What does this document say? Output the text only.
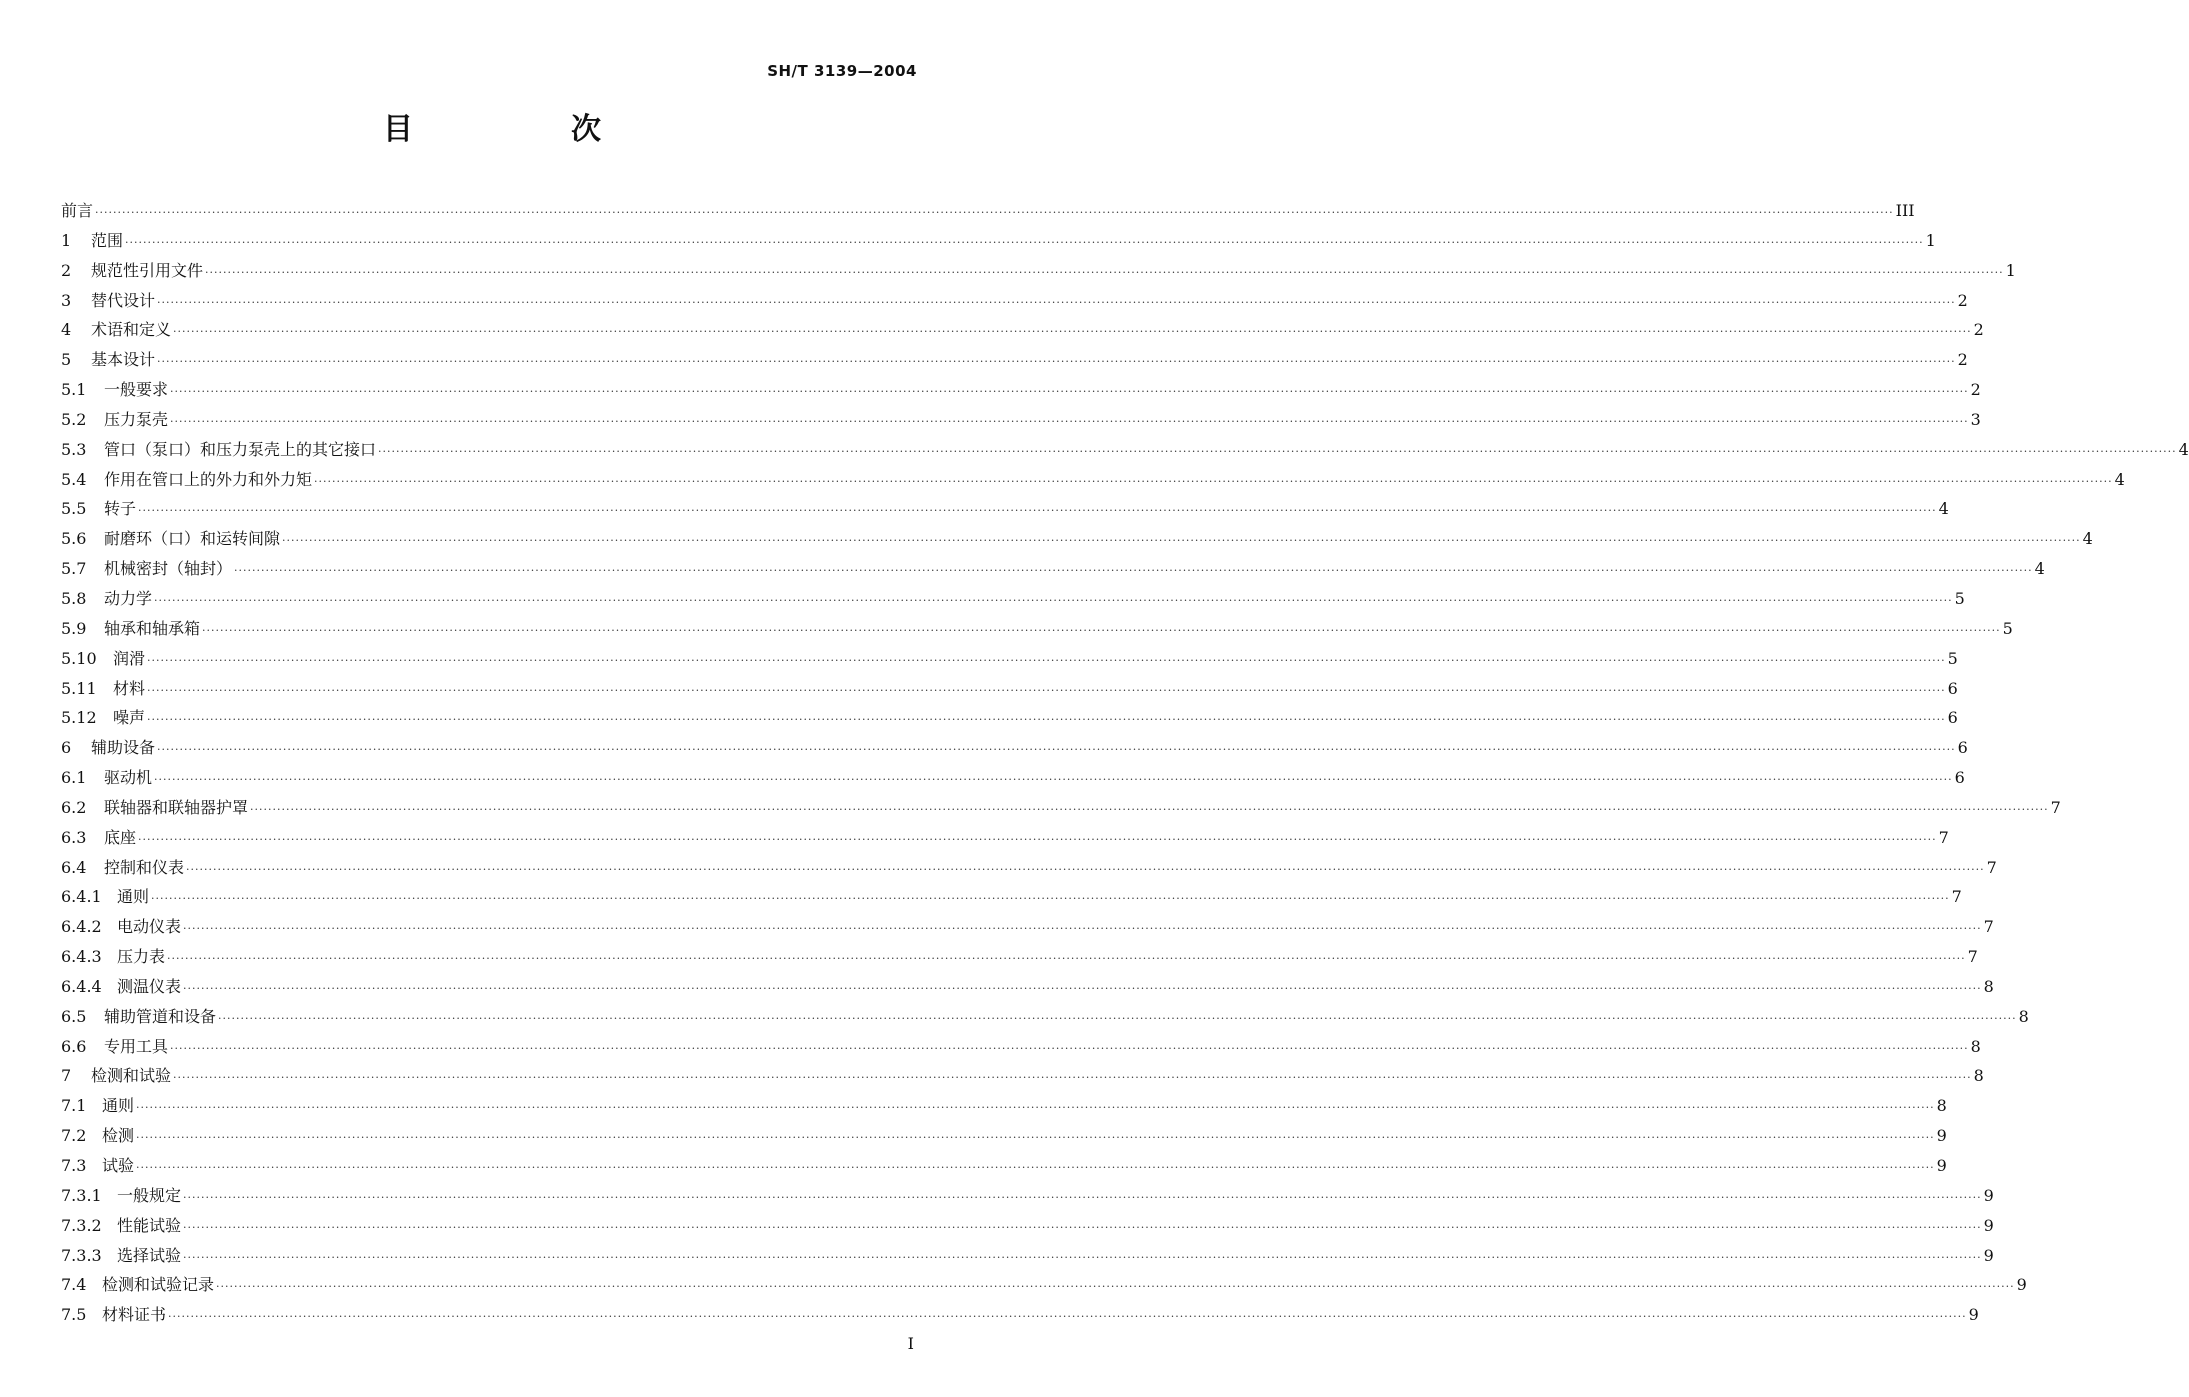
SH/T 3139—2004
目	次
前言 ················································································································································································································································································································································································································ III
1 范围 ················································································································································································································································································································································································································ 1
2 规范性引用文件 ················································································································································································································································································································································································································ 1
3 替代设计 ················································································································································································································································································································································································································ 2
4 术语和定义 ················································································································································································································································································································································································································ 2
5 基本设计 ················································································································································································································································································································································································································ 2
5.1 一般要求 ················································································································································································································································································································································································································ 2
5.2 压力泵壳 ················································································································································································································································································································································································································ 3
5.3 管口（泵口）和压力泵壳上的其它接口 ················································································································································································································································································································································································································ 4
5.4 作用在管口上的外力和外力矩 ················································································································································································································································································································································································································ 4
5.5 转子 ················································································································································································································································································································································································································ 4
5.6 耐磨环（口）和运转间隙 ················································································································································································································································································································································································································ 4
5.7 机械密封（轴封） ················································································································································································································································································································································································································ 4
5.8 动力学 ················································································································································································································································································································································································································ 5
5.9 轴承和轴承箱 ················································································································································································································································································································································································································ 5
5.10 润滑 ················································································································································································································································································································································································································ 5
5.11 材料 ················································································································································································································································································································································································································ 6
5.12 噪声 ················································································································································································································································································································································································································ 6
6 辅助设备 ················································································································································································································································································································································································································ 6
6.1 驱动机 ················································································································································································································································································································································································································ 6
6.2 联轴器和联轴器护罩 ················································································································································································································································································································································································································ 7
6.3 底座 ················································································································································································································································································································································································································ 7
6.4 控制和仪表 ················································································································································································································································································································································································································ 7
6.4.1 通则 ················································································································································································································································································································································································································ 7
6.4.2 电动仪表 ················································································································································································································································································································································································································ 7
6.4.3 压力表 ················································································································································································································································································································································································································ 7
6.4.4 测温仪表 ················································································································································································································································································································································································································ 8
6.5 辅助管道和设备 ················································································································································································································································································································································································································ 8
6.6 专用工具 ················································································································································································································································································································································································································ 8
7 检测和试验 ················································································································································································································································································································································································································ 8
7.1 通则 ················································································································································································································································································································································································································ 8
7.2 检测 ················································································································································································································································································································································································································ 9
7.3 试验 ················································································································································································································································································································································································································ 9
7.3.1 一般规定 ················································································································································································································································································································································································································ 9
7.3.2 性能试验 ················································································································································································································································································································································································································ 9
7.3.3 选择试验 ················································································································································································································································································································································································································ 9
7.4 检测和试验记录 ················································································································································································································································································································································································································ 9
7.5 材料证书 ················································································································································································································································································································································································································ 9
I
